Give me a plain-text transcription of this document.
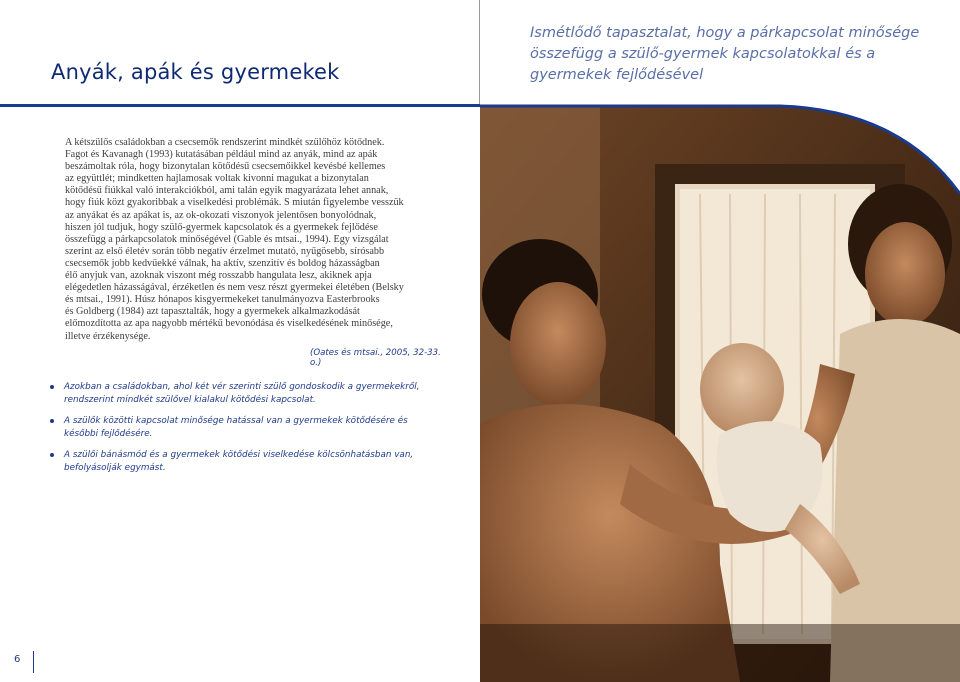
Anyák, apák és gyermekek
Ismétlődő tapasztalat, hogy a párkapcsolat minősége összefügg a szülő-gyermek kapcsolatokkal és a gyermekek fejlődésével
A kétszülős családokban a csecsemők rendszerint mindkét szülőhöz kötődnek.
Fagot és Kavanagh (1993) kutatásában például mind az anyák, mind az apák
beszámoltak róla, hogy bizonytalan kötődésű csecsemőikkel kevésbé kellemes
az együttlét; mindketten hajlamosak voltak kivonni magukat a bizonytalan
kötődésű fiúkkal való interakciókból, ami talán egyik magyarázata lehet annak,
hogy fiúk közt gyakoribbak a viselkedési problémák. S miután figyelembe vesszük
az anyákat és az apákat is, az ok-okozati viszonyok jelentősen bonyolódnak,
hiszen jól tudjuk, hogy szülő-gyermek kapcsolatok és a gyermekek fejlődése
összefügg a párkapcsolatok minőségével (Gable és mtsai., 1994). Egy vizsgálat
szerint az első életév során több negatív érzelmet mutató, nyűgösebb, sírósabb
csecsemők jobb kedvűekké válnak, ha aktív, szenzitív és boldog házasságban
élő anyjuk van, azoknak viszont még rosszabb hangulata lesz, akiknek apja
elégedetlen házasságával, érzéketlen és nem vesz részt gyermekei életében (Belsky
és mtsai., 1991). Húsz hónapos kisgyermekeket tanulmányozva Easterbrooks
és Goldberg (1984) azt tapasztalták, hogy a gyermekek alkalmazkodását
előmozdította az apa nagyobb mértékű bevonódása és viselkedésének minősége,
illetve érzékenysége.
(Oates és mtsai., 2005, 32-33. o.)
Azokban a családokban, ahol két vér szerinti szülő gondoskodik a gyermekekről, rendszerint mindkét szülővel kialakul kötődési kapcsolat.
A szülők közötti kapcsolat minősége hatással van a gyermekek kötődésére és későbbi fejlődésére.
A szülői bánásmód és a gyermekek kötődési viselkedése kölcsönhatásban van, befolyásolják egymást.
6
